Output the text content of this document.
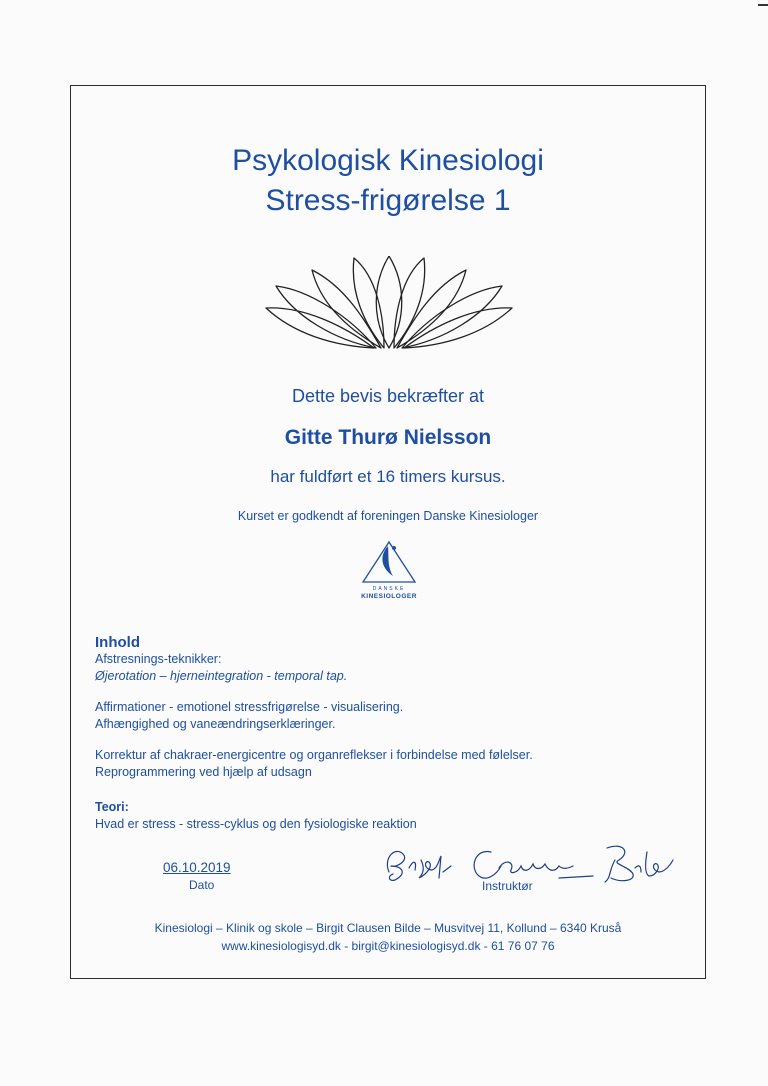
Psykologisk Kinesiologi
Stress-frigørelse 1
Dette bevis bekræfter at
Gitte Thurø Nielsson
har fuldført et 16 timers kursus.
Kurset er godkendt af foreningen Danske Kinesiologer
DANSKE
KINESIOLOGER

Inhold

Afstresnings-teknikker:

Øjerotation – hjerneintegration - temporal tap.

Affirmationer - emotionel stressfrigørelse - visualisering.

Afhængighed og vaneændringserklæringer.

Korrektur af chakraer-energicentre og organreflekser i forbindelse med følelser.

Reprogrammering ved hjælp af udsagn

Teori:

Hvad er stress - stress-cyklus og den fysiologiske reaktion

06.10.2019
Dato	Instruktør
Kinesiologi – Klinik og skole – Birgit Clausen Bilde – Musvitvej 11, Kollund – 6340 Kruså
www.kinesiologisyd.dk - birgit@kinesiologisyd.dk - 61 76 07 76
